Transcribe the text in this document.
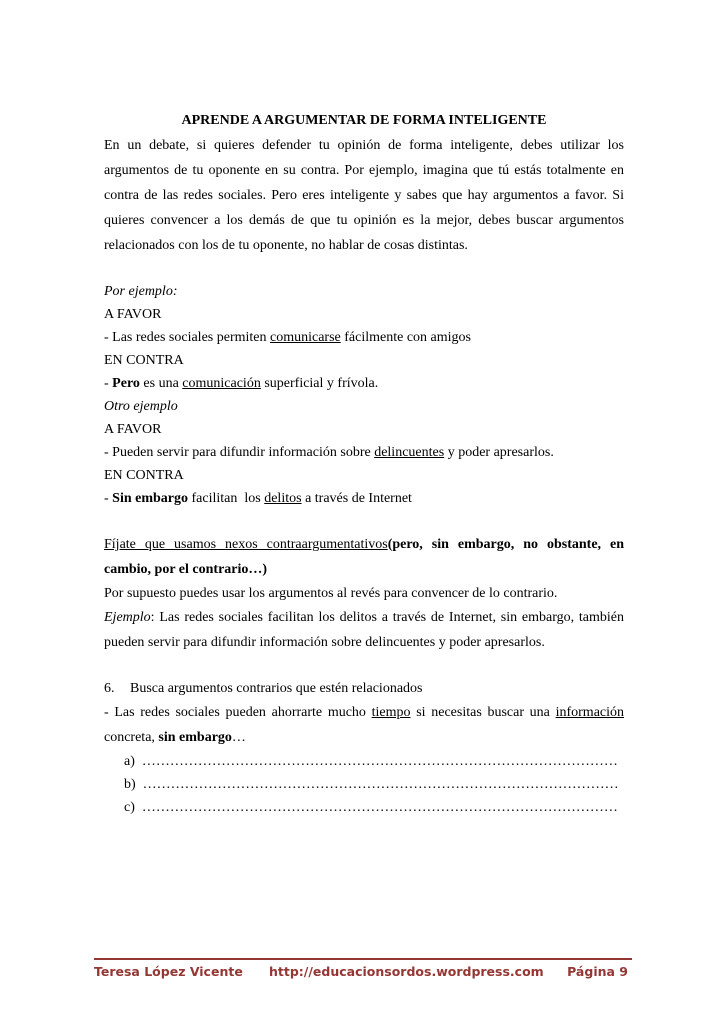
APRENDE A ARGUMENTAR DE FORMA INTELIGENTE

En un debate, si quieres defender tu opinión de forma inteligente, debes utilizar los argumentos de tu oponente en su contra. Por ejemplo, imagina que tú estás totalmente en contra de las redes sociales. Pero eres inteligente y sabes que hay argumentos a favor. Si quieres convencer a los demás de que tu opinión es la mejor, debes buscar argumentos relacionados con los de tu oponente, no hablar de cosas distintas.

Por ejemplo:

A FAVOR

- Las redes sociales permiten comunicarse fácilmente con amigos

EN CONTRA

- Pero es una comunicación superficial y frívola.

Otro ejemplo

A FAVOR

- Pueden servir para difundir información sobre delincuentes y poder apresarlos.

EN CONTRA

- Sin embargo facilitan  los delitos a través de Internet

Fíjate que usamos nexos contraargumentativos(pero, sin embargo, no obstante, en cambio, por el contrario…)

Por supuesto puedes usar los argumentos al revés para convencer de lo contrario.

Ejemplo: Las redes sociales facilitan los delitos a través de Internet, sin embargo, también pueden servir para difundir información sobre delincuentes y poder apresarlos.

6. Busca argumentos contrarios que estén relacionados

- Las redes sociales pueden ahorrarte mucho tiempo si necesitas buscar una información concreta, sin embargo…

a) …………………………………………………………………………………………
b) …………………………………………………………………………………………
c) …………………………………………………………………………………………
Teresa López Vicente http://educacionsordos.wordpress.com Página 9
